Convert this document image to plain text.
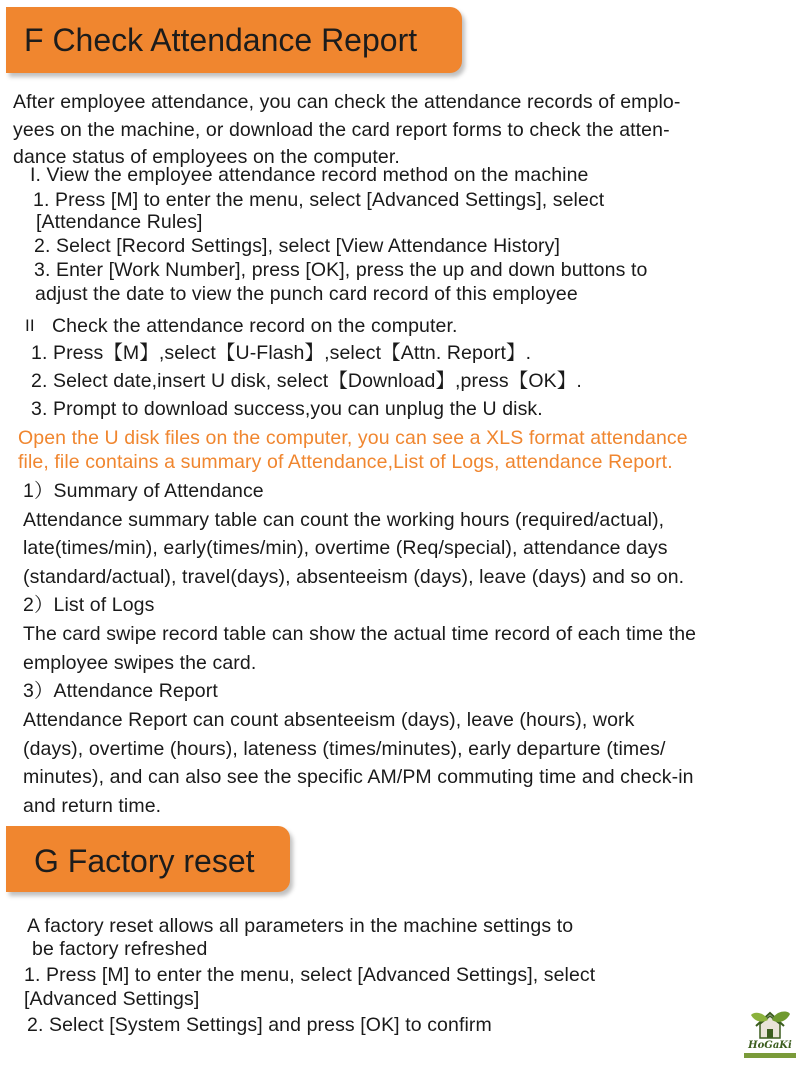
F Check Attendance Report
After employee attendance, you can check the attendance records of emplo-
yees on the machine, or download the card report forms to check the atten-
dance status of employees on the computer.
I. View the employee attendance record method on the machine
1. Press [M] to enter the menu, select [Advanced Settings], select
[Attendance Rules]
2. Select [Record Settings], select [View Attendance History]
3. Enter [Work Number], press [OK], press the up and down buttons to
adjust the date to view the punch card record of this employee
II Check the attendance record on the computer.
1. Press【M】,select【U-Flash】,select【Attn. Report】.
2. Select date,insert U disk, select【Download】,press【OK】.
3. Prompt to download success,you can unplug the U disk.
Open the U disk files on the computer, you can see a XLS format attendance
file, file contains a summary of Attendance,List of Logs, attendance Report.
1）Summary of Attendance
Attendance summary table can count the working hours (required/actual),
late(times/min), early(times/min), overtime (Req/special), attendance days
(standard/actual), travel(days), absenteeism (days), leave (days) and so on.
2）List of Logs
The card swipe record table can show the actual time record of each time the
employee swipes the card.
3）Attendance Report
Attendance Report can count absenteeism (days), leave (hours), work
(days), overtime (hours), lateness (times/minutes), early departure (times/
minutes), and can also see the specific AM/PM commuting time and check-in
and return time.
G Factory reset
A factory reset allows all parameters in the machine settings to
be factory refreshed
1. Press [M] to enter the menu, select [Advanced Settings], select
[Advanced Settings]
2. Select [System Settings] and press [OK] to confirm
HoGaKi
